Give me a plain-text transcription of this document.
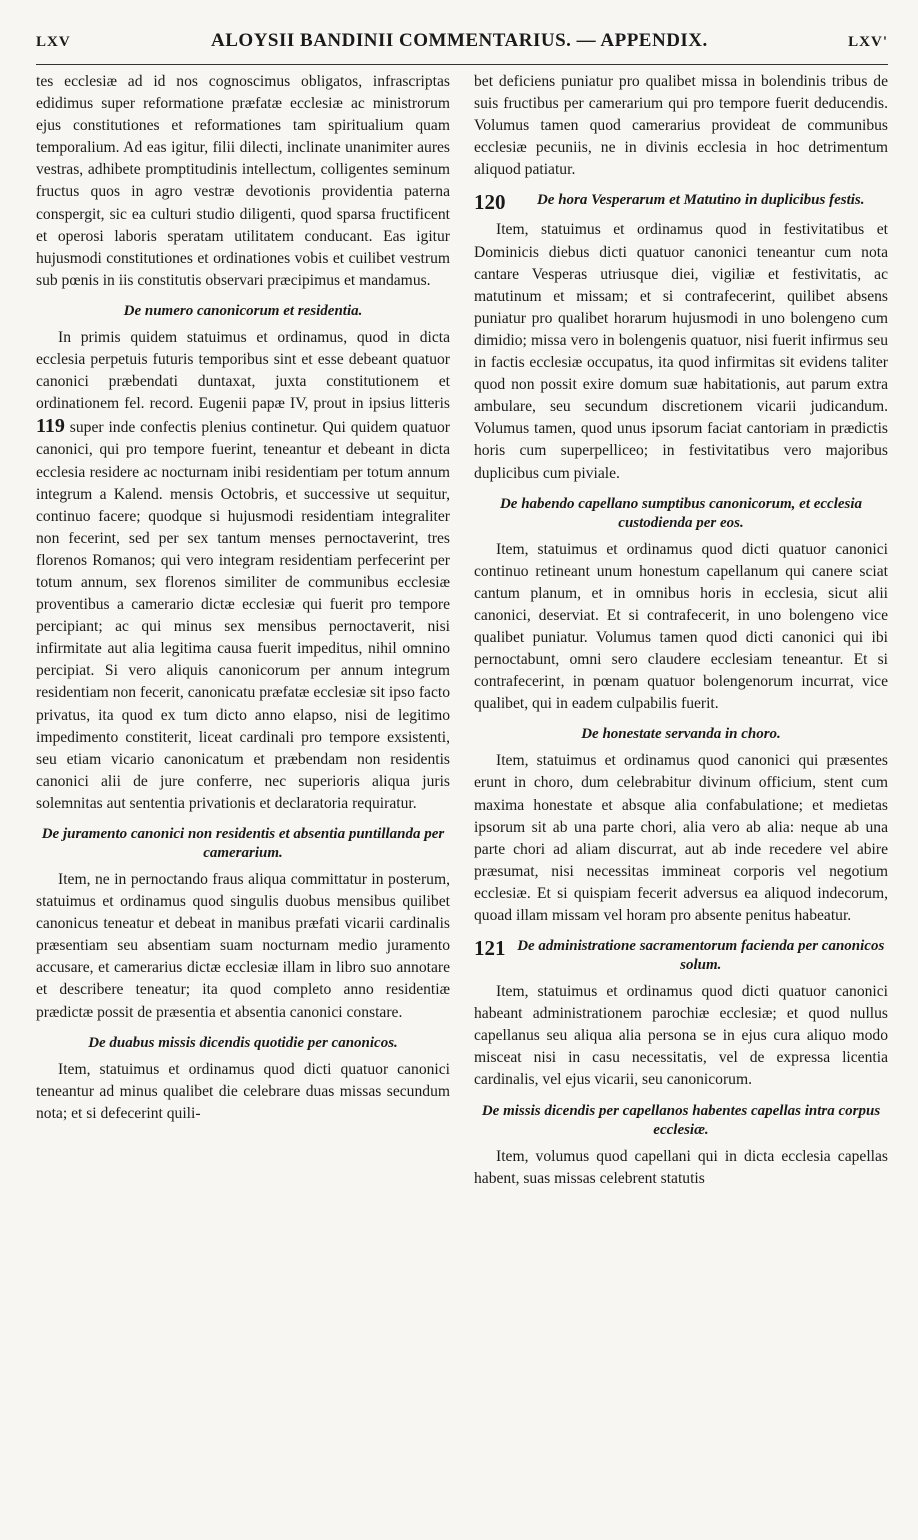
LXV	ALOYSII BANDINII COMMENTARIUS. — APPENDIX.	LXV'

tes ecclesiæ ad id nos cognoscimus obligatos, infrascriptas edidimus super reformatione præfatæ ecclesiæ ac ministrorum ejus constitutiones et reformationes tam spiritualium quam temporalium. Ad eas igitur, filii dilecti, inclinate unanimiter aures vestras, adhibete promptitudinis intellectum, colligentes seminum fructus quos in agro vestræ devotionis providentia paterna conspergit, sic ea culturi studio diligenti, quod sparsa fructificent et operosi laboris speratam utilitatem conducant. Eas igitur hujusmodi constitutiones et ordinationes vobis et cuilibet vestrum sub pœnis in iis constitutis observari præcipimus et mandamus.

De numero canonicorum et residentia.

In primis quidem statuimus et ordinamus, quod in dicta ecclesia perpetuis futuris temporibus sint et esse debeant quatuor canonici præbendati duntaxat, juxta constitutionem et ordinationem fel. record. Eugenii papæ IV, prout in ipsius litteris 119 super inde confectis plenius continetur. Qui quidem quatuor canonici, qui pro tempore fuerint, teneantur et debeant in dicta ecclesia residere ac nocturnam inibi residentiam per totum annum integrum a Kalend. mensis Octobris, et successive ut sequitur, continuo facere; quodque si hujusmodi residentiam integraliter non fecerint, sed per sex tantum menses pernoctaverint, tres florenos Romanos; qui vero integram residentiam perfecerint per totum annum, sex florenos similiter de communibus ecclesiæ proventibus a camerario dictæ ecclesiæ qui fuerit pro tempore percipiant; ac qui minus sex mensibus pernoctaverit, nisi infirmitate aut alia legitima causa fuerit impeditus, nihil omnino percipiat. Si vero aliquis canonicorum per annum integrum residentiam non fecerit, canonicatu præfatæ ecclesiæ sit ipso facto privatus, ita quod ex tum dicto anno elapso, nisi de legitimo impedimento constiterit, liceat cardinali pro tempore exsistenti, seu etiam vicario canonicatum et præbendam non residentis canonici alii de jure conferre, nec superioris aliqua juris solemnitas aut sententia privationis et declaratoria requiratur.

De juramento canonici non residentis et absentia puntillanda per camerarium.

Item, ne in pernoctando fraus aliqua committatur in posterum, statuimus et ordinamus quod singulis duobus mensibus quilibet canonicus teneatur et debeat in manibus præfati vicarii cardinalis præsentiam seu absentiam suam nocturnam medio juramento accusare, et camerarius dictæ ecclesiæ illam in libro suo annotare et describere teneatur; ita quod completo anno residentiæ prædictæ possit de præsentia et absentia canonici constare.

De duabus missis dicendis quotidie per canonicos.

Item, statuimus et ordinamus quod dicti quatuor canonici teneantur ad minus qualibet die celebrare duas missas secundum nota; et si defecerint quili-

bet deficiens puniatur pro qualibet missa in bolendinis tribus de suis fructibus per camerarium qui pro tempore fuerit deducendis. Volumus tamen quod camerarius provideat de communibus ecclesiæ pecuniis, ne in divinis ecclesia in hoc detrimentum aliquod patiatur.

120	De hora Vesperarum et Matutino in duplicibus festis.

Item, statuimus et ordinamus quod in festivitatibus et Dominicis diebus dicti quatuor canonici teneantur cum nota cantare Vesperas utriusque diei, vigiliæ et festivitatis, ac matutinum et missam; et si contrafecerint, quilibet absens puniatur pro qualibet horarum hujusmodi in uno bolengeno cum dimidio; missa vero in bolengenis quatuor, nisi fuerit infirmus seu in factis ecclesiæ occupatus, ita quod infirmitas sit evidens taliter quod non possit exire domum suæ habitationis, aut parum extra ambulare, seu secundum discretionem vicarii judicandum. Volumus tamen, quod unus ipsorum faciat cantoriam in prædictis horis cum superpelliceo; in festivitatibus vero majoribus duplicibus cum piviale.

De habendo capellano sumptibus canonicorum, et ecclesia custodienda per eos.

Item, statuimus et ordinamus quod dicti quatuor canonici continuo retineant unum honestum capellanum qui canere sciat cantum planum, et in omnibus horis in ecclesia, sicut alii canonici, deserviat. Et si contrafecerit, in uno bolengeno vice qualibet puniatur. Volumus tamen quod dicti canonici qui ibi pernoctabunt, omni sero claudere ecclesiam teneantur. Et si contrafecerint, in pœnam quatuor bolengenorum incurrat, vice qualibet, qui in eadem culpabilis fuerit.

De honestate servanda in choro.

Item, statuimus et ordinamus quod canonici qui præsentes erunt in choro, dum celebrabitur divinum officium, stent cum maxima honestate et absque alia confabulatione; et medietas ipsorum sit ab una parte chori, alia vero ab alia: neque ab una parte chori ad aliam discurrat, aut ab inde recedere vel abire præsumat, nisi necessitas immineat corporis vel negotium ecclesiæ. Et si quispiam fecerit adversus ea aliquod indecorum, quoad illam missam vel horam pro absente penitus habeatur.

121 De administratione sacramentorum facienda per canonicos solum.

Item, statuimus et ordinamus quod dicti quatuor canonici habeant administrationem parochiæ ecclesiæ; et quod nullus capellanus seu aliqua alia persona se in ejus cura aliquo modo misceat nisi in casu necessitatis, vel de expressa licentia cardinalis, vel ejus vicarii, seu canonicorum.

De missis dicendis per capellanos habentes capellas intra corpus ecclesiæ.

Item, volumus quod capellani qui in dicta ecclesia capellas habent, suas missas celebrent statutis
